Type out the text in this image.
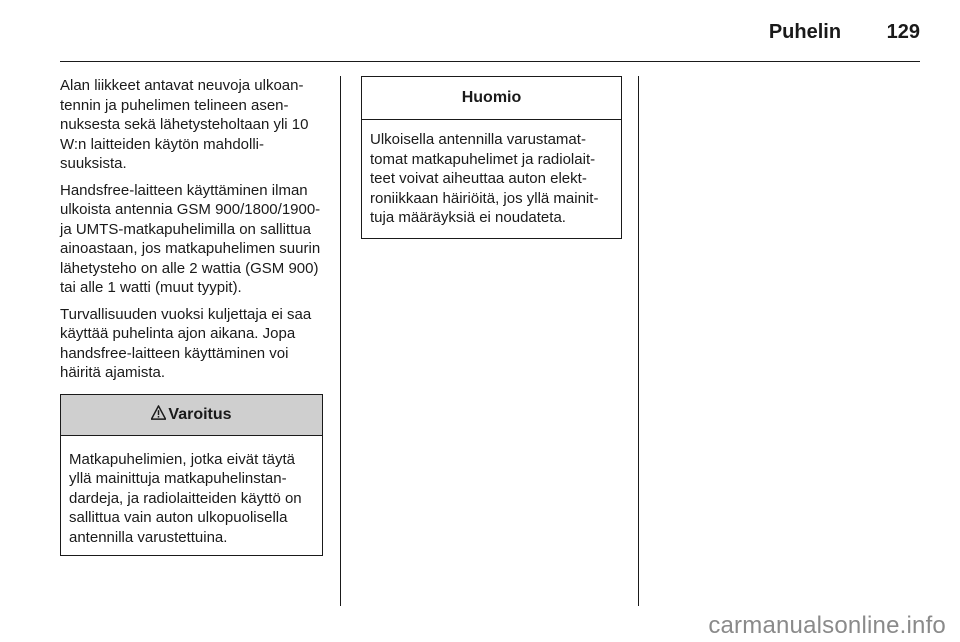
Puhelin 129

Alan liikkeet antavat neuvoja ulkoantennin ja puhelimen telineen asennuksesta sekä lähetysteholtaan yli 10 W:n laitteiden käytön mahdollisuuksista.

Handsfree-laitteen käyttäminen ilman ulkoista antennia GSM 900/1800/1900- ja UMTS-matkapuhelimilla on sallittua ainoastaan, jos matkapuhelimen suurin lähetysteho on alle 2 wattia (GSM 900) tai alle 1 watti (muut tyypit).

Turvallisuuden vuoksi kuljettaja ei saa käyttää puhelinta ajon aikana. Jopa handsfree-laitteen käyttäminen voi häiritä ajamista.

Varoitus
Matkapuhelimien, jotka eivät täytä yllä mainittuja matkapuhelinstandardeja, ja radiolaitteiden käyttö on sallittua vain auton ulkopuolisella antennilla varustettuina.
Huomio
Ulkoisella antennilla varustamattomat matkapuhelimet ja radiolaitteet voivat aiheuttaa auton elektroniikkaan häiriöitä, jos yllä mainittuja määräyksiä ei noudateta.
carmanualsonline.info
